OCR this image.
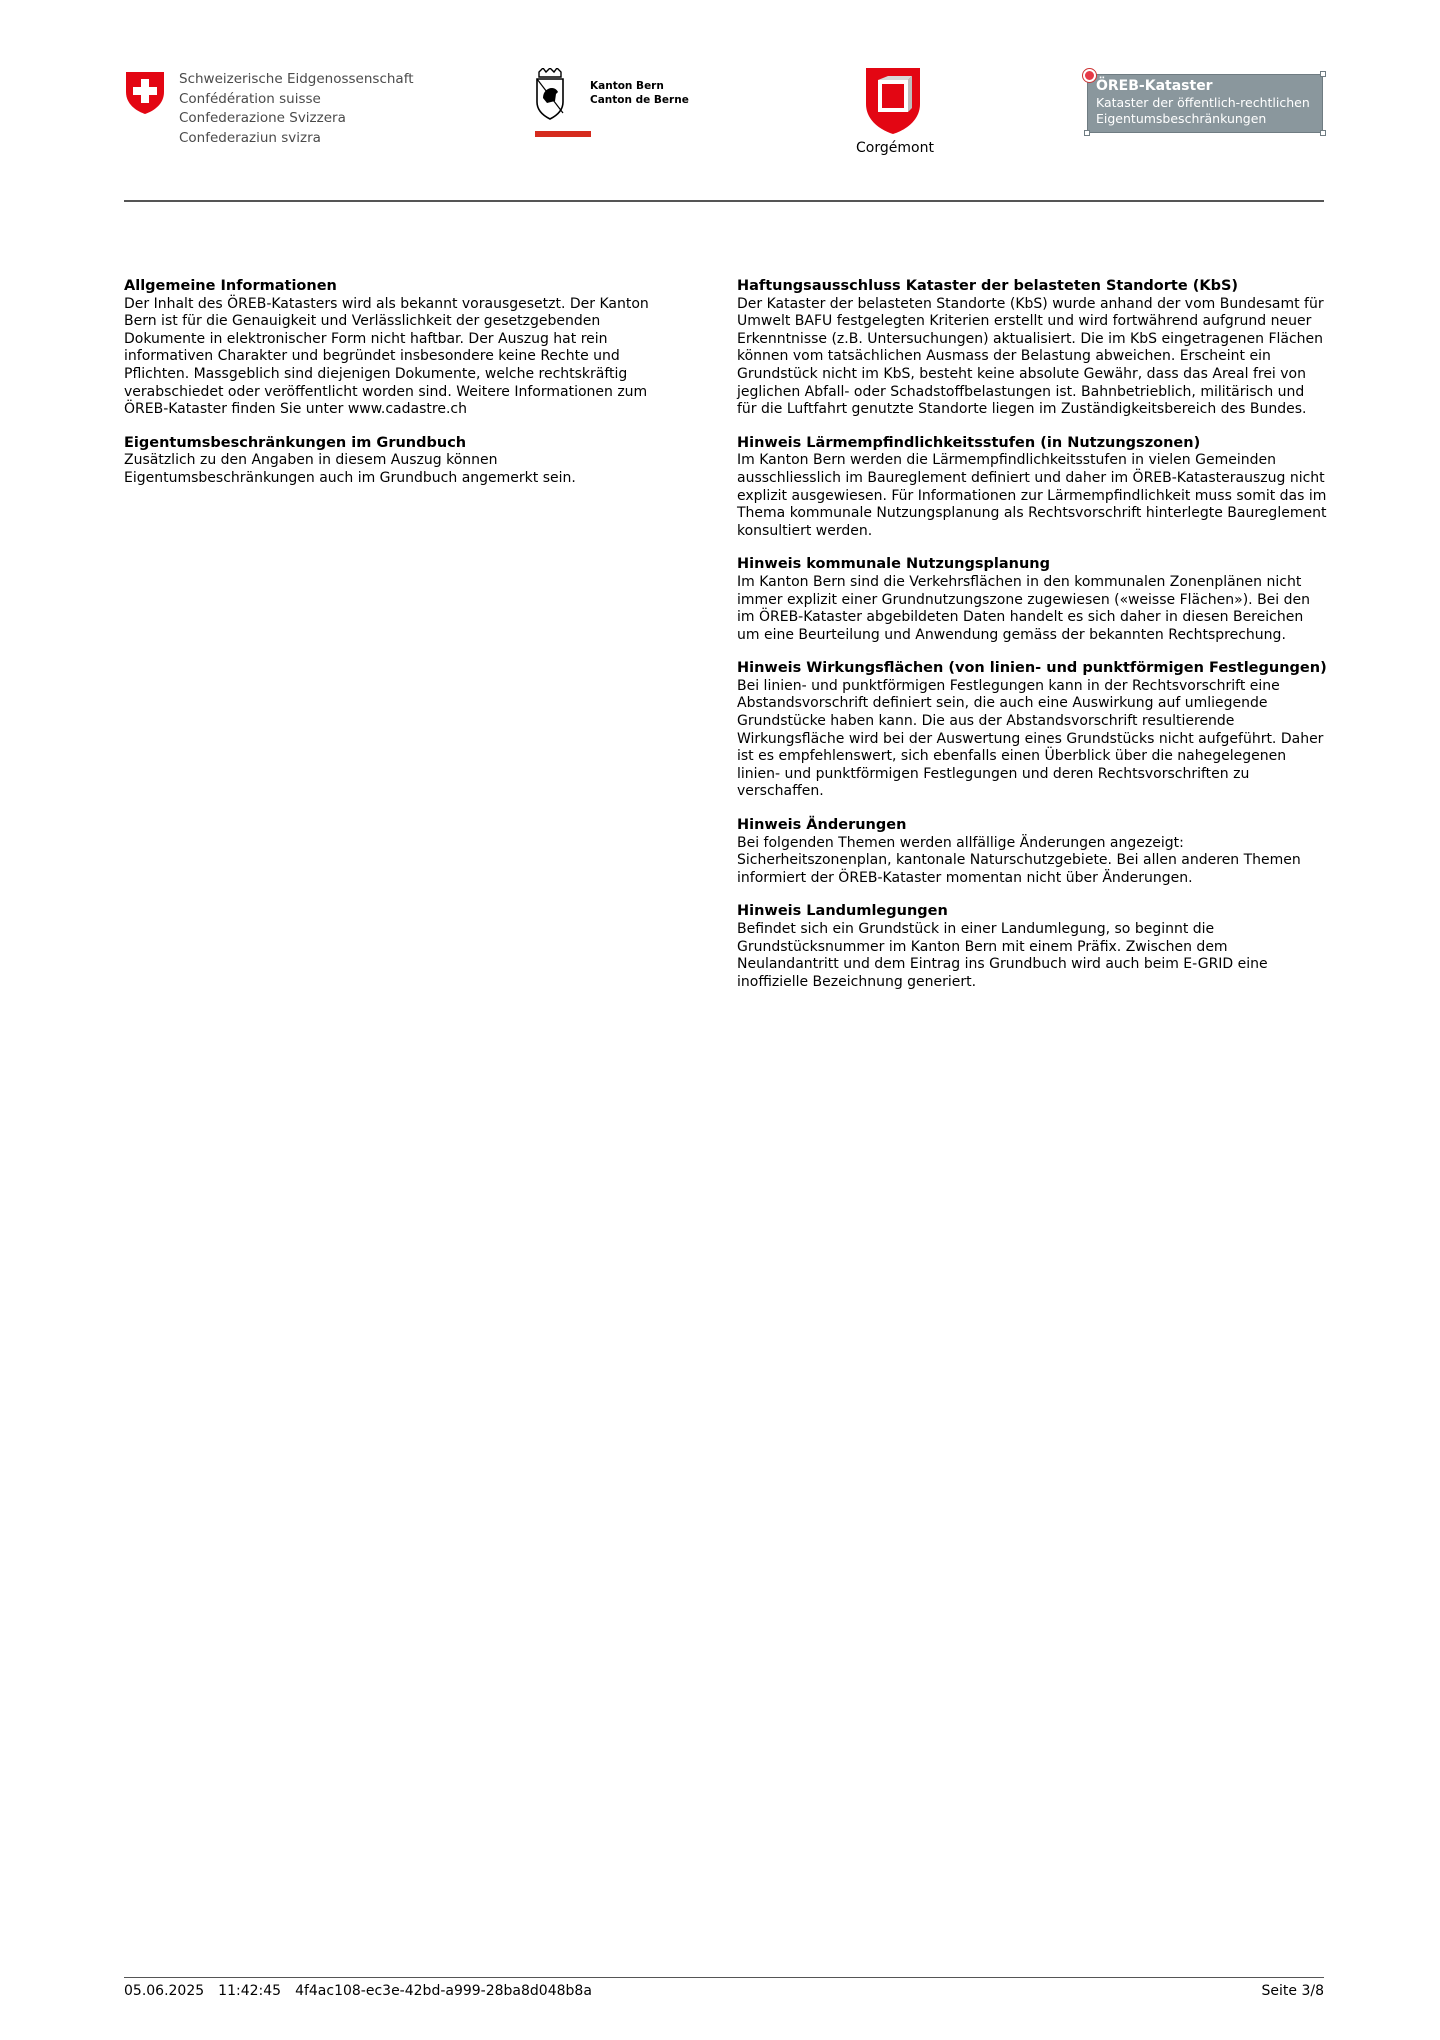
Schweizerische Eidgenossenschaft
Confédération suisse
Confederazione Svizzera
Confederaziun svizra
Kanton Bern
Canton de Berne
Corgémont
ÖREB-Kataster
Kataster der öffentlich-rechtlichen
Eigentumsbeschränkungen
Allgemeine Informationen

Der Inhalt des ÖREB-Katasters wird als bekannt vorausgesetzt. Der Kanton Bern ist für die Genauigkeit und Verlässlichkeit der gesetzgebenden Dokumente in elektronischer Form nicht haftbar. Der Auszug hat rein informativen Charakter und begründet insbesondere keine Rechte und Pflichten. Massgeblich sind diejenigen Dokumente, welche rechtskräftig verabschiedet oder veröffentlicht worden sind. Weitere Informationen zum ÖREB-Kataster finden Sie unter www.cadastre.ch

Eigentumsbeschränkungen im Grundbuch

Zusätzlich zu den Angaben in diesem Auszug können Eigentumsbeschränkungen auch im Grundbuch angemerkt sein.

Haftungsausschluss Kataster der belasteten Standorte (KbS)

Der Kataster der belasteten Standorte (KbS) wurde anhand der vom Bundesamt für Umwelt BAFU festgelegten Kriterien erstellt und wird fortwährend aufgrund neuer Erkenntnisse (z.B. Untersuchungen) aktualisiert. Die im KbS eingetragenen Flächen können vom tatsächlichen Ausmass der Belastung abweichen. Erscheint ein Grundstück nicht im KbS, besteht keine absolute Gewähr, dass das Areal frei von jeglichen Abfall- oder Schadstoffbelastungen ist. Bahnbetrieblich, militärisch und für die Luftfahrt genutzte Standorte liegen im Zuständigkeitsbereich des Bundes.

Hinweis Lärmempfindlichkeitsstufen (in Nutzungszonen)

Im Kanton Bern werden die Lärmempfindlichkeitsstufen in vielen Gemeinden ausschliesslich im Baureglement definiert und daher im ÖREB-Katasterauszug nicht explizit ausgewiesen. Für Informationen zur Lärmempfindlichkeit muss somit das im Thema kommunale Nutzungsplanung als Rechtsvorschrift hinterlegte Baureglement konsultiert werden.

Hinweis kommunale Nutzungsplanung

Im Kanton Bern sind die Verkehrsflächen in den kommunalen Zonenplänen nicht immer explizit einer Grundnutzungszone zugewiesen («weisse Flächen»). Bei den im ÖREB-Kataster abgebildeten Daten handelt es sich daher in diesen Bereichen um eine Beurteilung und Anwendung gemäss der bekannten Rechtsprechung.

Hinweis Wirkungsflächen (von linien- und punktförmigen Festlegungen)

Bei linien- und punktförmigen Festlegungen kann in der Rechtsvorschrift eine Abstandsvorschrift definiert sein, die auch eine Auswirkung auf umliegende Grundstücke haben kann. Die aus der Abstandsvorschrift resultierende Wirkungsfläche wird bei der Auswertung eines Grundstücks nicht aufgeführt. Daher ist es empfehlenswert, sich ebenfalls einen Überblick über die nahegelegenen linien- und punktförmigen Festlegungen und deren Rechtsvorschriften zu verschaffen.

Hinweis Änderungen

Bei folgenden Themen werden allfällige Änderungen angezeigt: Sicherheitszonenplan, kantonale Naturschutzgebiete. Bei allen anderen Themen informiert der ÖREB-Kataster momentan nicht über Änderungen.

Hinweis Landumlegungen

Befindet sich ein Grundstück in einer Landumlegung, so beginnt die Grundstücksnummer im Kanton Bern mit einem Präfix. Zwischen dem Neulandantritt und dem Eintrag ins Grundbuch wird auch beim E-GRID eine inoffizielle Bezeichnung generiert.

05.06.2025 11:42:45 4f4ac108-ec3e-42bd-a999-28ba8d048b8a	Seite 3/8
